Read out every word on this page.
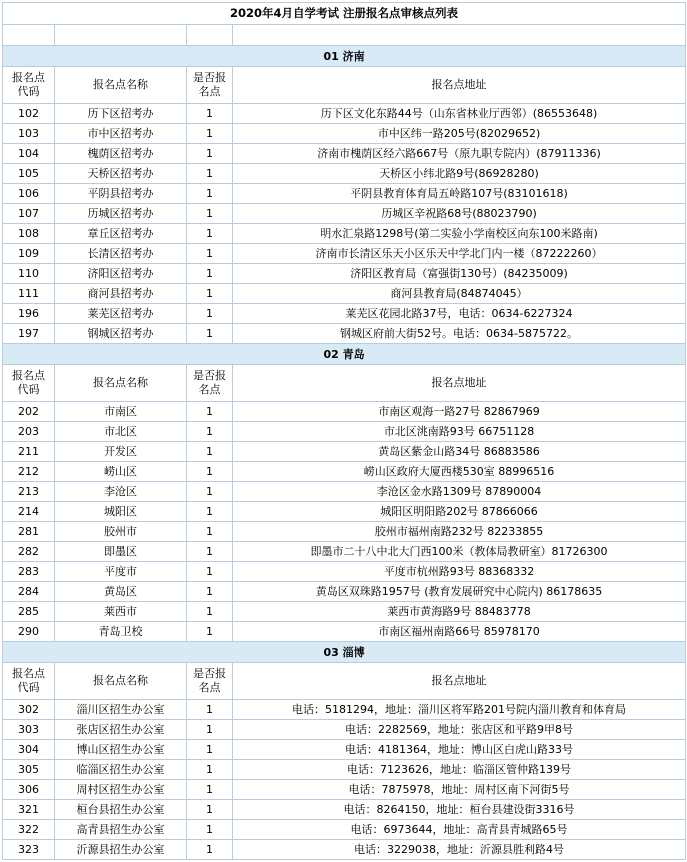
2020年4月自学考试 注册报名点审核点列表			

01 济南			
报名点代码	报名点名称	是否报名点	报名点地址
102	历下区招考办	1	历下区文化东路44号（山东省林业厅西邻）(86553648)
103	市中区招考办	1	市中区纬一路205号(82029652)
104	槐荫区招考办	1	济南市槐荫区经六路667号（原九职专院内）(87911336)
105	天桥区招考办	1	天桥区小纬北路9号(86928280)
106	平阴县招考办	1	平阴县教育体育局五岭路107号(83101618)
107	历城区招考办	1	历城区辛祝路68号(88023790)
108	章丘区招考办	1	明水汇泉路1298号(第二实验小学南校区向东100米路南)
109	长清区招考办	1	济南市长清区乐天小区乐天中学北门内一楼（87222260）
110	济阳区招考办	1	济阳区教育局（富强街130号）(84235009)
111	商河县招考办	1	商河县教育局(84874045）
196	莱芜区招考办	1	莱芜区花园北路37号，电话：0634-6227324
197	钢城区招考办	1	钢城区府前大街52号。电话：0634-5875722。
02 青岛			
报名点代码	报名点名称	是否报名点	报名点地址
202	市南区	1	市南区观海一路27号 82867969
203	市北区	1	市北区洮南路93号 66751128
211	开发区	1	黄岛区紫金山路34号 86883586
212	崂山区	1	崂山区政府大厦西楼530室 88996516
213	李沧区	1	李沧区金水路1309号 87890004
214	城阳区	1	城阳区明阳路202号 87866066
281	胶州市	1	胶州市福州南路232号 82233855
282	即墨区	1	即墨市二十八中北大门西100米（教体局教研室）81726300
283	平度市	1	平度市杭州路93号 88368332
284	黄岛区	1	黄岛区双珠路1957号 (教育发展研究中心院内) 86178635
285	莱西市	1	莱西市黄海路9号 88483778
290	青岛卫校	1	市南区福州南路66号 85978170
03 淄博			
报名点代码	报名点名称	是否报名点	报名点地址
302	淄川区招生办公室	1	电话：5181294，地址：淄川区将军路201号院内淄川教育和体育局
303	张店区招生办公室	1	电话：2282569，地址：张店区和平路9甲8号
304	博山区招生办公室	1	电话：4181364，地址：博山区白虎山路33号
305	临淄区招生办公室	1	电话：7123626，地址：临淄区管仲路139号
306	周村区招生办公室	1	电话：7875978，地址：周村区南下河街5号
321	桓台县招生办公室	1	电话：8264150，地址：桓台县建设街3316号
322	高青县招生办公室	1	电话：6973644，地址：高青县青城路65号
323	沂源县招生办公室	1	电话：3229038，地址：沂源县胜利路4号
